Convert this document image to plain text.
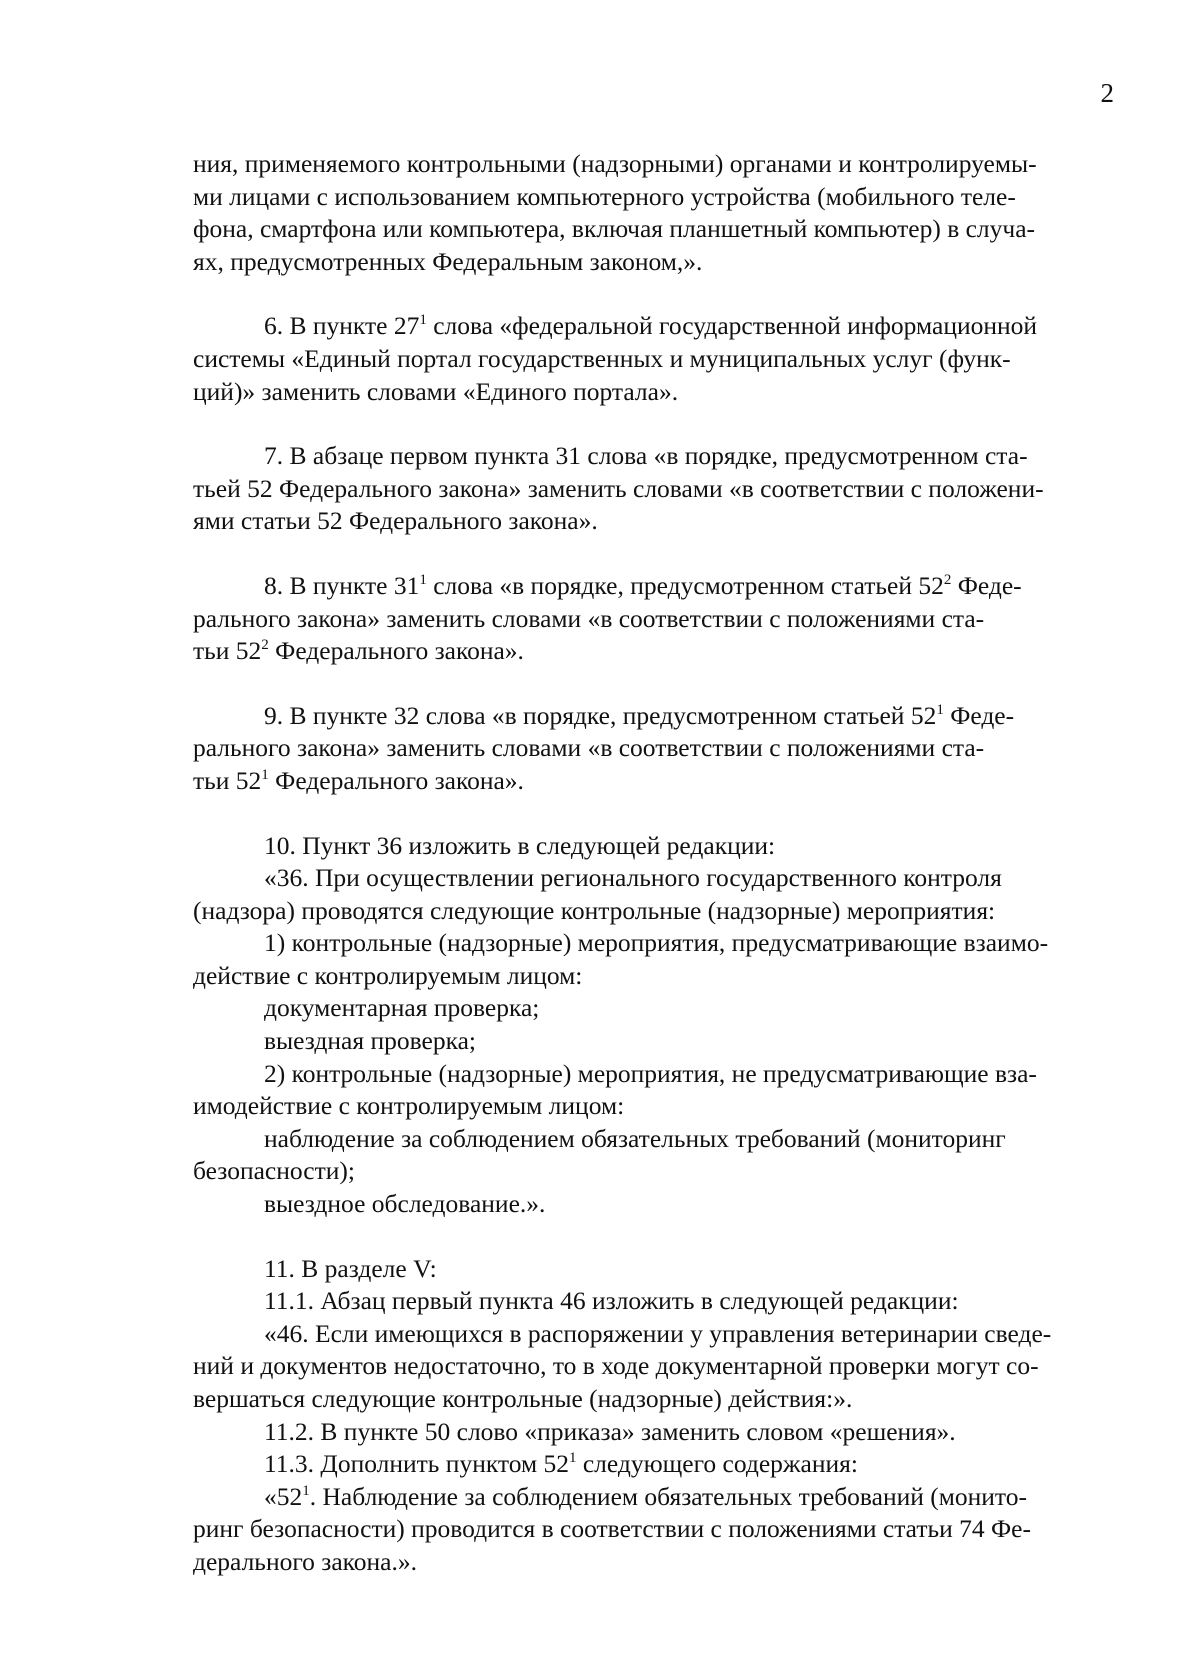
2

ния, применяемого контрольными (надзорными) органами и контролируемы-
ми лицами с использованием компьютерного устройства (мобильного теле-
фона, смартфона или компьютера, включая планшетный компьютер) в случа-
ях, предусмотренных Федеральным законом,».

6. В пункте $27^1$ слова «федеральной государственной информационной
системы «Единый портал государственных и муниципальных услуг (функ-
ций)» заменить словами «Единого портала».

7. В абзаце первом пункта 31 слова «в порядке, предусмотренном ста-
тьей 52 Федерального закона» заменить словами «в соответствии с положени-
ями статьи 52 Федерального закона».

8. В пункте $31^1$ слова «в порядке, предусмотренном статьей $52^2$ Феде-
рального закона» заменить словами «в соответствии с положениями ста-
тьи $52^2$ Федерального закона».

9. В пункте 32 слова «в порядке, предусмотренном статьей $52^1$ Феде-
рального закона» заменить словами «в соответствии с положениями ста-
тьи $52^1$ Федерального закона».

10. Пункт 36 изложить в следующей редакции:

«36. При осуществлении регионального государственного контроля
(надзора) проводятся следующие контрольные (надзорные) мероприятия:

1) контрольные (надзорные) мероприятия, предусматривающие взаимо-
действие с контролируемым лицом:

документарная проверка;

выездная проверка;

2) контрольные (надзорные) мероприятия, не предусматривающие вза-
имодействие с контролируемым лицом:

наблюдение за соблюдением обязательных требований (мониторинг
безопасности);

выездное обследование.».

11. В разделе V:

11.1. Абзац первый пункта 46 изложить в следующей редакции:

«46. Если имеющихся в распоряжении у управления ветеринарии сведе-
ний и документов недостаточно, то в ходе документарной проверки могут со-
вершаться следующие контрольные (надзорные) действия:».

11.2. В пункте 50 слово «приказа» заменить словом «решения».

11.3. Дополнить пунктом $52^1$ следующего содержания:

«$52^1$. Наблюдение за соблюдением обязательных требований (монито-
ринг безопасности) проводится в соответствии с положениями статьи 74 Фе-
дерального закона.».
